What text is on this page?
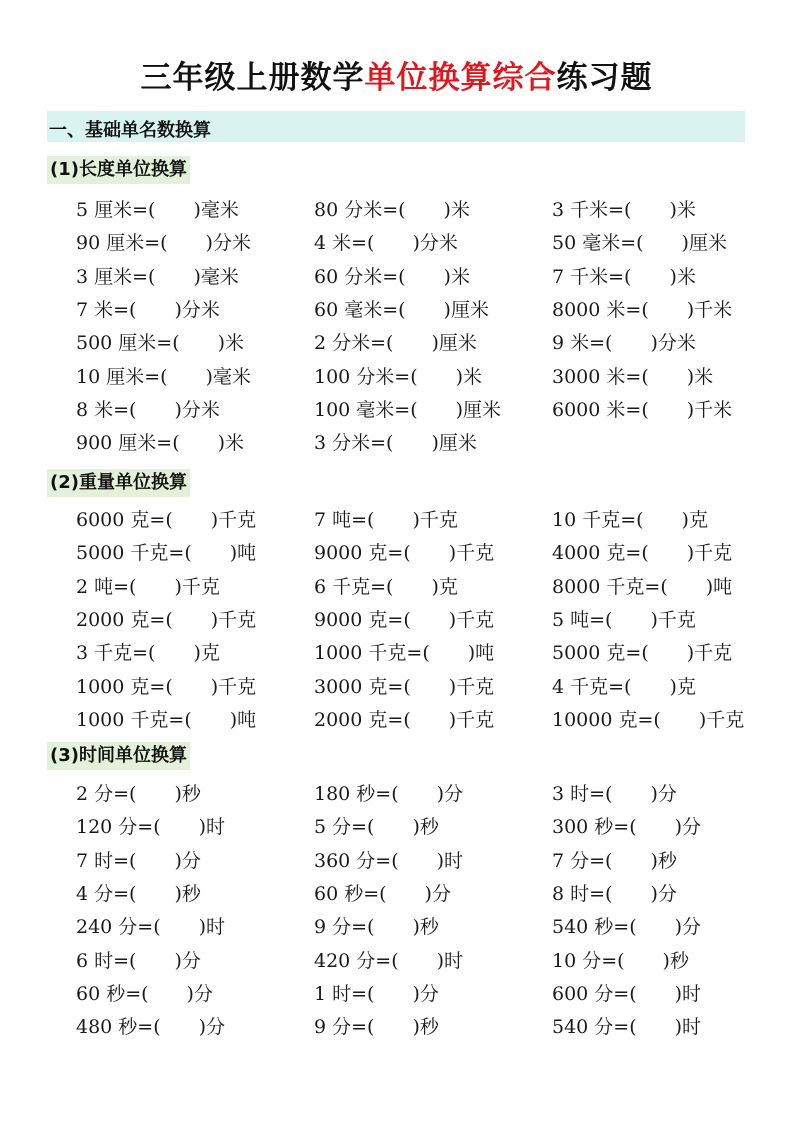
三年级上册数学单位换算综合练习题
一、基础单名数换算
(1)长度单位换算
(2)重量单位换算
(3)时间单位换算
5 厘米=(　　)毫米	80 分米=(　　)米	3 千米=(　　)米
90 厘米=(　　)分米	4 米=(　　)分米	50 毫米=(　　)厘米
3 厘米=(　　)毫米	60 分米=(　　)米	7 千米=(　　)米
7 米=(　　)分米	60 毫米=(　　)厘米	8000 米=(　　)千米
500 厘米=(　　)米	2 分米=(　　)厘米	9 米=(　　)分米
10 厘米=(　　)毫米	100 分米=(　　)米	3000 米=(　　)米
8 米=(　　)分米	100 毫米=(　　)厘米	6000 米=(　　)千米
900 厘米=(　　)米	3 分米=(　　)厘米
6000 克=(　　)千克	7 吨=(　　)千克	10 千克=(　　)克
5000 千克=(　　)吨	9000 克=(　　)千克	4000 克=(　　)千克
2 吨=(　　)千克	6 千克=(　　)克	8000 千克=(　　)吨
2000 克=(　　)千克	9000 克=(　　)千克	5 吨=(　　)千克
3 千克=(　　)克	1000 千克=(　　)吨	5000 克=(　　)千克
1000 克=(　　)千克	3000 克=(　　)千克	4 千克=(　　)克
1000 千克=(　　)吨	2000 克=(　　)千克	10000 克=(　　)千克
2 分=(　　)秒	180 秒=(　　)分	3 时=(　　)分
120 分=(　　)时	5 分=(　　)秒	300 秒=(　　)分
7 时=(　　)分	360 分=(　　)时	7 分=(　　)秒
4 分=(　　)秒	60 秒=(　　)分	8 时=(　　)分
240 分=(　　)时	9 分=(　　)秒	540 秒=(　　)分
6 时=(　　)分	420 分=(　　)时	10 分=(　　)秒
60 秒=(　　)分	1 时=(　　)分	600 分=(　　)时
480 秒=(　　)分	9 分=(　　)秒	540 分=(　　)时
